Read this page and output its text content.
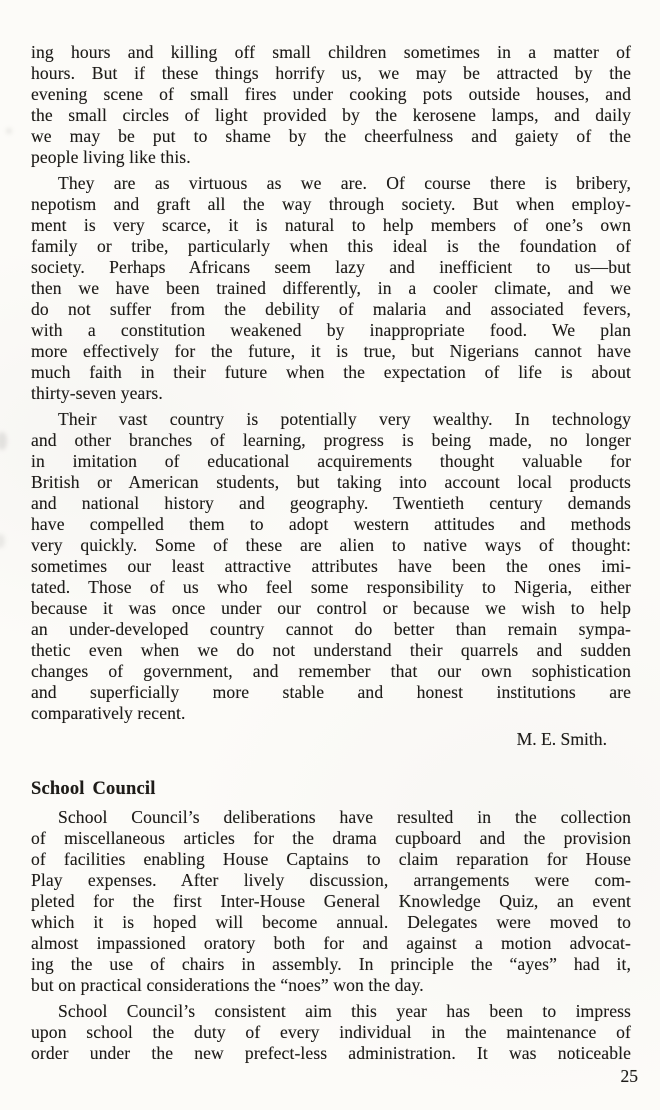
ing hours and killing off small children sometimes in a matter of
hours. But if these things horrify us, we may be attracted by the
evening scene of small fires under cooking pots outside houses, and
the small circles of light provided by the kerosene lamps, and daily
we may be put to shame by the cheerfulness and gaiety of the
people living like this.
They are as virtuous as we are. Of course there is bribery,
nepotism and graft all the way through society. But when employ-
ment is very scarce, it is natural to help members of one’s own
family or tribe, particularly when this ideal is the foundation of
society. Perhaps Africans seem lazy and inefficient to us—but
then we have been trained differently, in a cooler climate, and we
do not suffer from the debility of malaria and associated fevers,
with a constitution weakened by inappropriate food. We plan
more effectively for the future, it is true, but Nigerians cannot have
much faith in their future when the expectation of life is about
thirty-seven years.
Their vast country is potentially very wealthy. In technology
and other branches of learning, progress is being made, no longer
in imitation of educational acquirements thought valuable for
British or American students, but taking into account local products
and national history and geography. Twentieth century demands
have compelled them to adopt western attitudes and methods
very quickly. Some of these are alien to native ways of thought:
sometimes our least attractive attributes have been the ones imi-
tated. Those of us who feel some responsibility to Nigeria, either
because it was once under our control or because we wish to help
an under-developed country cannot do better than remain sympa-
thetic even when we do not understand their quarrels and sudden
changes of government, and remember that our own sophistication
and superficially more stable and honest institutions are
comparatively recent.
M. E. Smith.
School Council
School Council’s deliberations have resulted in the collection
of miscellaneous articles for the drama cupboard and the provision
of facilities enabling House Captains to claim reparation for House
Play expenses. After lively discussion, arrangements were com-
pleted for the first Inter-House General Knowledge Quiz, an event
which it is hoped will become annual. Delegates were moved to
almost impassioned oratory both for and against a motion advocat-
ing the use of chairs in assembly. In principle the “ayes” had it,
but on practical considerations the “noes” won the day.
School Council’s consistent aim this year has been to impress
upon school the duty of every individual in the maintenance of
order under the new prefect-less administration. It was noticeable
25
